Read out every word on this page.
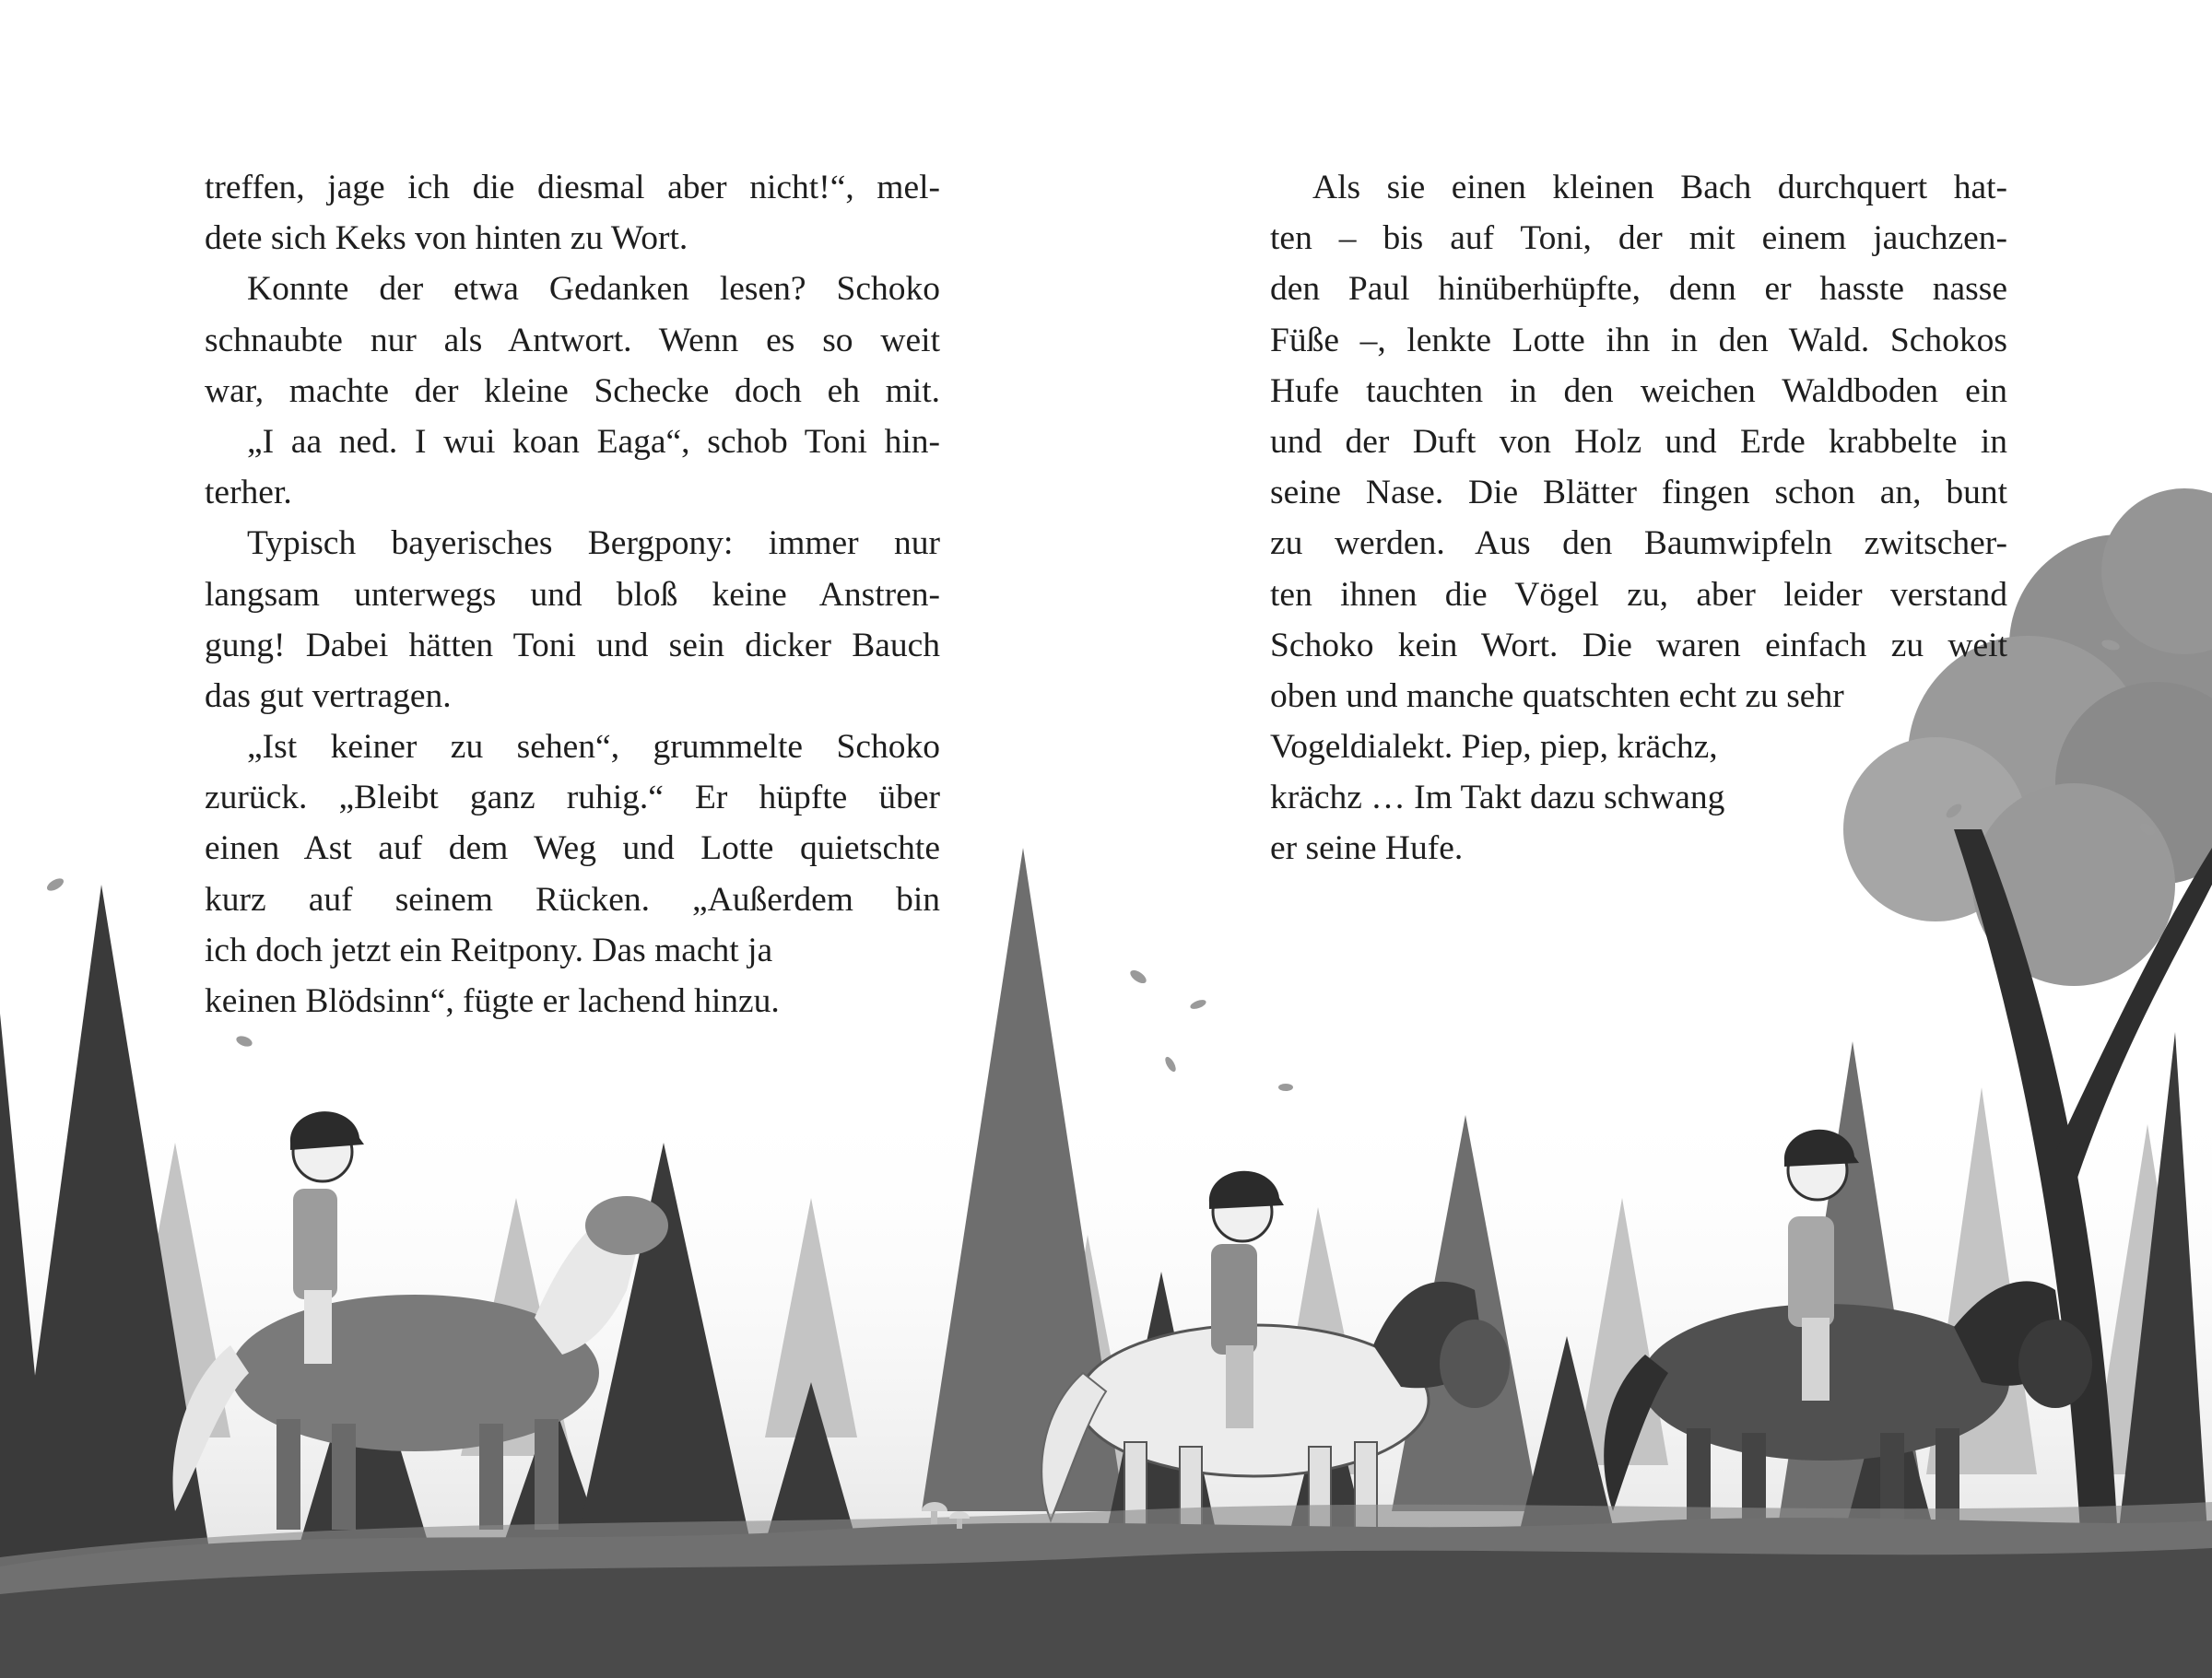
treffen, jage ich die diesmal aber nicht!“, mel-
dete sich Keks von hinten zu Wort.
Konnte der etwa Gedanken lesen? Schoko
schnaubte nur als Antwort. Wenn es so weit
war, machte der kleine Schecke doch eh mit.
„I aa ned. I wui koan Eaga“, schob Toni hin-
terher.
Typisch bayerisches Bergpony: immer nur
langsam unterwegs und bloß keine Anstren-
gung! Dabei hätten Toni und sein dicker Bauch
das gut vertragen.
„Ist keiner zu sehen“, grummelte Schoko
zurück. „Bleibt ganz ruhig.“ Er hüpfte über
einen Ast auf dem Weg und Lotte quietschte
kurz auf seinem Rücken. „Außerdem bin
ich doch jetzt ein Reitpony. Das macht ja
keinen Blödsinn“, fügte er lachend hinzu.
Als sie einen kleinen Bach durchquert hat-
ten – bis auf Toni, der mit einem jauchzen-
den Paul hinüberhüpfte, denn er hasste nasse
Füße –, lenkte Lotte ihn in den Wald. Schokos
Hufe tauchten in den weichen Waldboden ein
und der Duft von Holz und Erde krabbelte in
seine Nase. Die Blätter fingen schon an, bunt
zu werden. Aus den Baumwipfeln zwitscher-
ten ihnen die Vögel zu, aber leider verstand
Schoko kein Wort. Die waren einfach zu weit
oben und manche quatschten echt zu sehr
Vogeldialekt. Piep, piep, krächz,
krächz … Im Takt dazu schwang
er seine Hufe.
